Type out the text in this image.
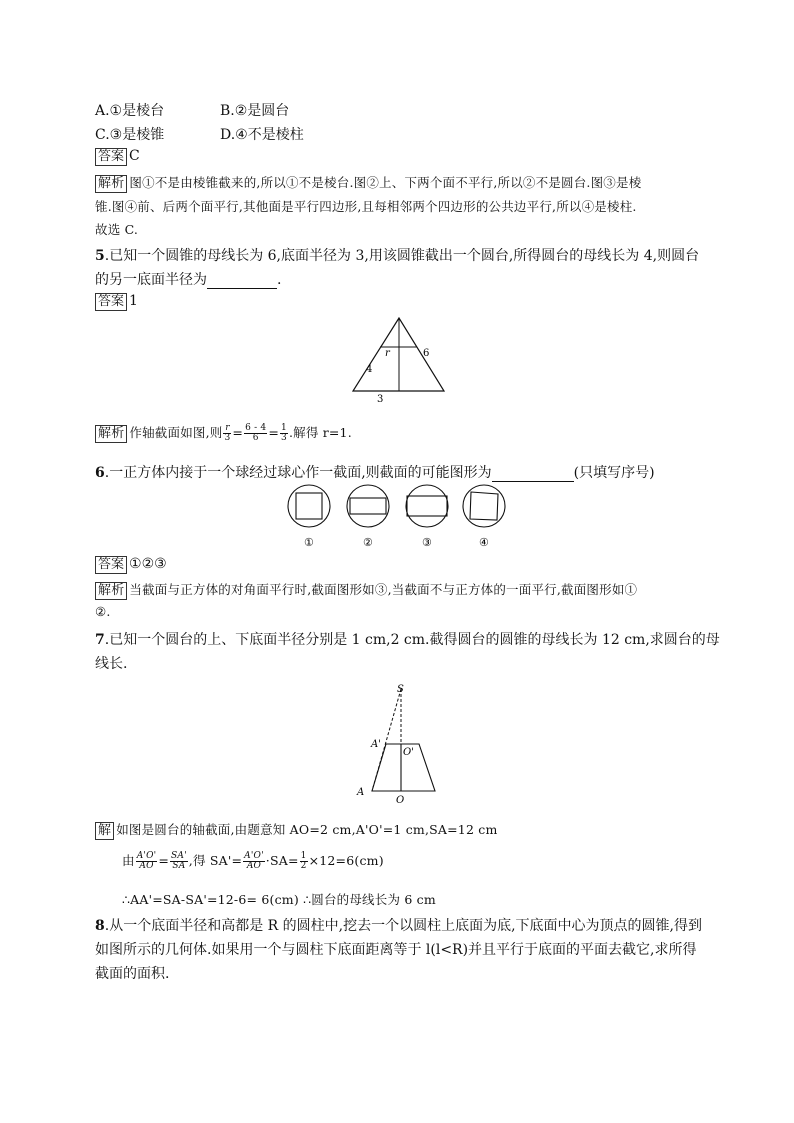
A.①是棱台	B.②是圆台
C.③是棱锥	D.④不是棱柱
答案 C
解析 图①不是由棱锥截来的,所以①不是棱台.图②上、下两个面不平行,所以②不是圆台.图③是棱
锥.图④前、后两个面平行,其他面是平行四边形,且每相邻两个四边形的公共边平行,所以④是棱柱.
故选 C.
5.已知一个圆锥的母线长为 6,底面半径为 3,用该圆锥截出一个圆台,所得圆台的母线长为 4,则圆台
的另一底面半径为	.
答案 1
r	6
4
3
解析 作轴截面如图,则 $\frac{r}{3} = \frac{6 - 4}{6} = \frac{1}{3}$ .解得 r=1.
6.一正方体内接于一个球经过球心作一截面,则截面的可能图形为	(只填写序号)
①	②	③	④
答案 ①②③
解析 当截面与正方体的对角面平行时,截面图形如③,当截面不与正方体的一面平行,截面图形如①
②.
7.已知一个圆台的上、下底面半径分别是 1 cm,2 cm.截得圆台的圆锥的母线长为 12 cm,求圆台的母
线长.
S
A'
O'
A
O
解 如图是圆台的轴截面,由题意知 AO=2 cm,A'O'=1 cm,SA=12 cm
由 $\frac{A'O'}{AO} = \frac{SA'}{SA}$ ,得 $SA'= \frac{A'O'}{AO} \cdot SA= \frac{1}{2} \times 12=6(cm)$
∴AA'=SA-SA'=12-6= 6(cm) ∴圆台的母线长为 6 cm
8.从一个底面半径和高都是 R 的圆柱中,挖去一个以圆柱上底面为底,下底面中心为顶点的圆锥,得到
如图所示的几何体.如果用一个与圆柱下底面距离等于 l(l<R)并且平行于底面的平面去截它,求所得
截面的面积.
